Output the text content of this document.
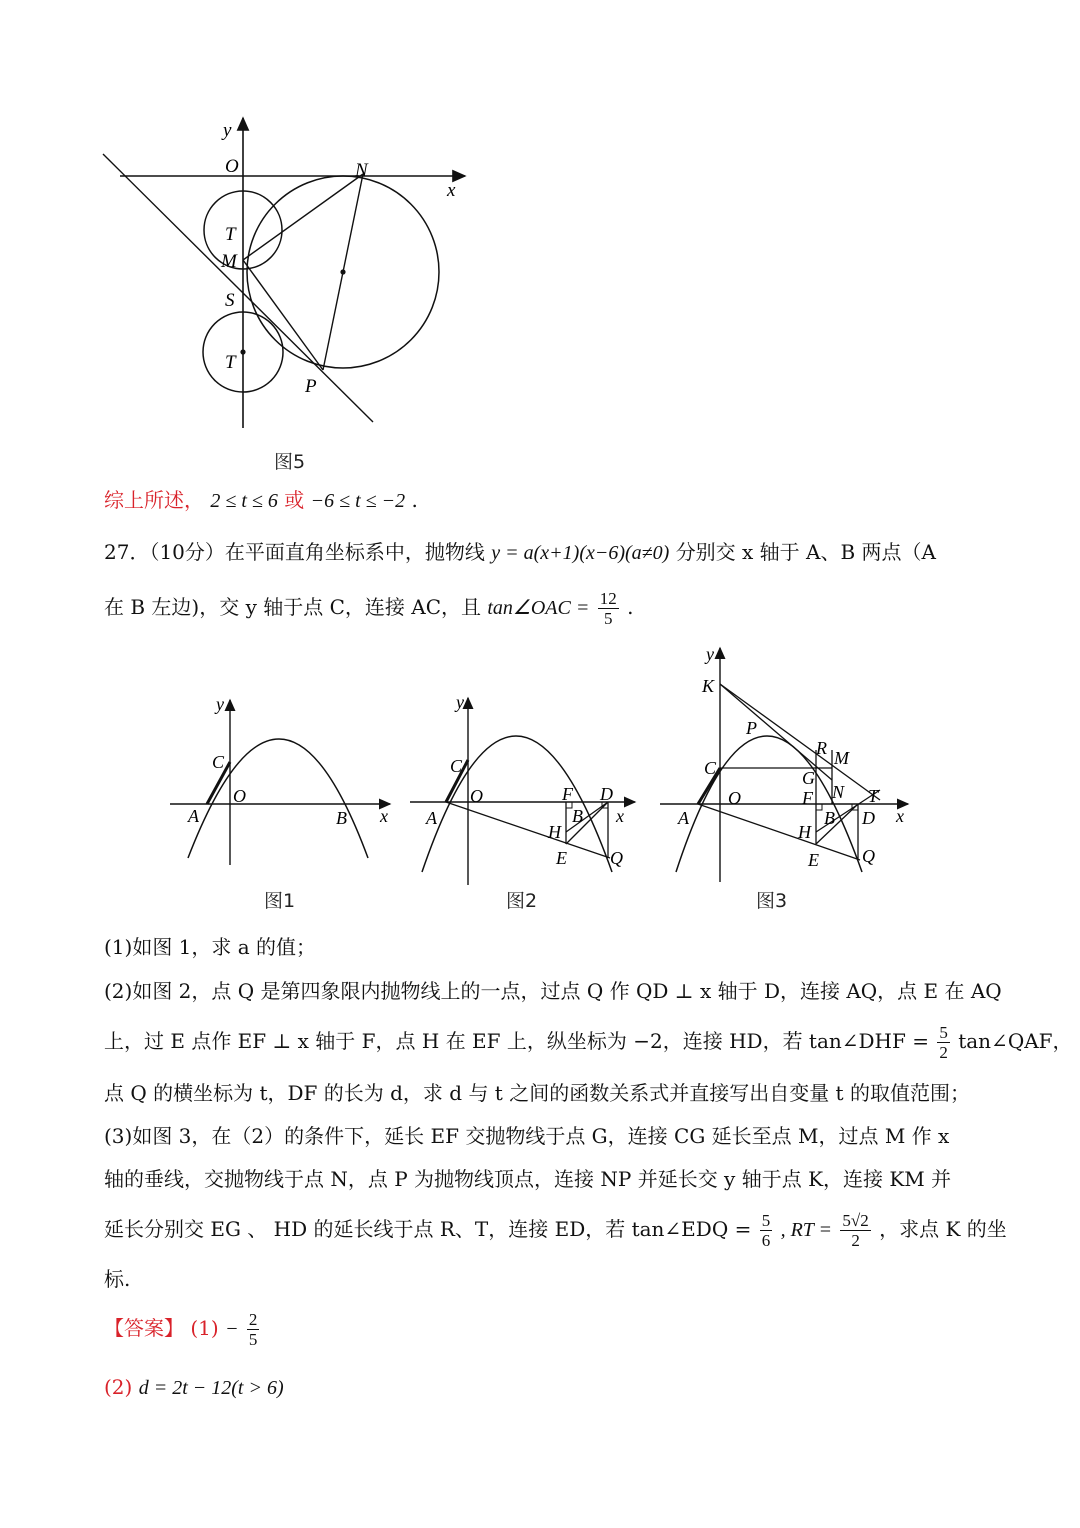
y
O	N
x
T
M
S
T
P
图5
综上所述， 2 ≤ t ≤ 6 或 −6 ≤ t ≤ −2 .
27．（10分）在平面直角坐标系中，抛物线 y = a(x+1)(x−6)(a≠0) 分别交 x 轴于 A、B 两点（A
在 B 左边)，交 y 轴于点 C，连接 AC，且 tan∠OAC = $\frac{12}{5}$ .
y
C
O
A	B x
y
C
O
A
F D
B
H
E Q
x
y
K
P
C
R M
G
F N T
O
A	B D
H
E Q
x
图1	图2	图3
(1)如图 1，求 a 的值；
(2)如图 2，点 Q 是第四象限内抛物线上的一点，过点 Q 作 QD ⊥ x 轴于 D，连接 AQ，点 E 在 AQ
上，过 E 点作 EF ⊥ x 轴于 F，点 H 在 EF 上，纵坐标为 −2，连接 HD，若 tan∠DHF = $\frac{5}{2}$ tan∠QAF，
点 Q 的横坐标为 t，DF 的长为 d，求 d 与 t 之间的函数关系式并直接写出自变量 t 的取值范围；
(3)如图 3，在（2）的条件下，延长 EF 交抛物线于点 G，连接 CG 延长至点 M，过点 M 作 x
轴的垂线，交抛物线于点 N，点 P 为抛物线顶点，连接 NP 并延长交 y 轴于点 K，连接 KM 并
延长分别交 EG 、 HD 的延长线于点 R、T，连接 ED，若 tan∠EDQ = $\frac{5}{6}$ , RT = $\frac{5√2}{2}$ ，求点 K 的坐
标.
【答案】 $(1) - \frac{2}{5}$
(2) d = 2t − 12(t > 6)
